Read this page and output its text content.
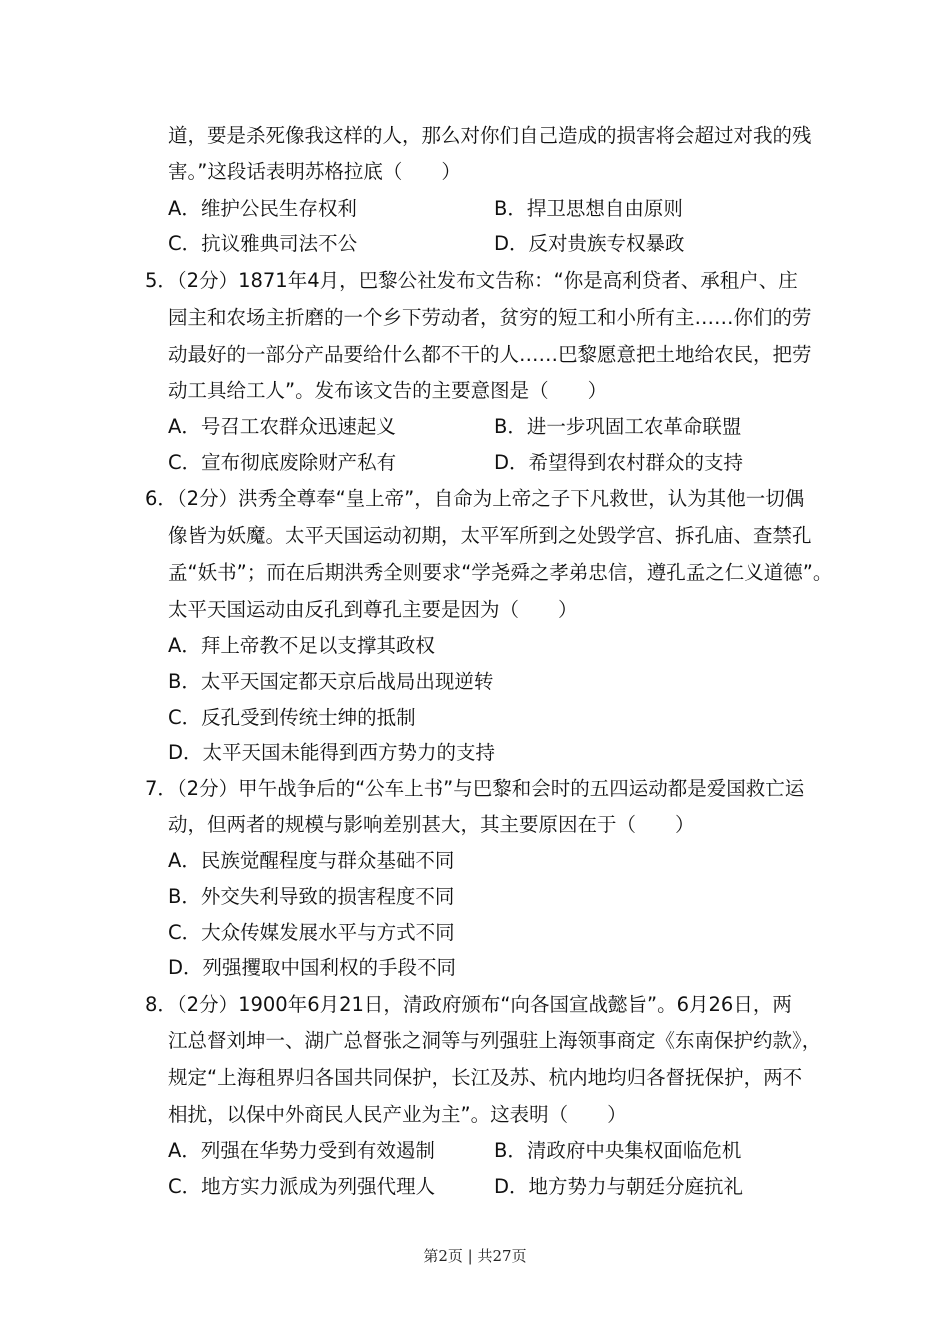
道，要是杀死像我这样的人，那么对你们自己造成的损害将会超过对我的残
害。”这段话表明苏格拉底（　　）
A．维护公民生存权利	B．捍卫思想自由原则
C．抗议雅典司法不公	D．反对贵族专权暴政
5．（2分）1871年4月，巴黎公社发布文告称：“你是高利贷者、承租户、庄
园主和农场主折磨的一个乡下劳动者，贫穷的短工和小所有主……你们的劳
动最好的一部分产品要给什么都不干的人……巴黎愿意把土地给农民，把劳
动工具给工人”。发布该文告的主要意图是（　　）
A．号召工农群众迅速起义	B．进一步巩固工农革命联盟
C．宣布彻底废除财产私有	D．希望得到农村群众的支持
6．（2分）洪秀全尊奉“皇上帝”，自命为上帝之子下凡救世，认为其他一切偶
像皆为妖魔。太平天国运动初期，太平军所到之处毁学宫、拆孔庙、查禁孔
孟“妖书”；而在后期洪秀全则要求“学尧舜之孝弟忠信，遵孔孟之仁义道德”。
太平天国运动由反孔到尊孔主要是因为（　　）
A．拜上帝教不足以支撑其政权
B．太平天国定都天京后战局出现逆转
C．反孔受到传统士绅的抵制
D．太平天国未能得到西方势力的支持
7．（2分）甲午战争后的“公车上书”与巴黎和会时的五四运动都是爱国救亡运
动，但两者的规模与影响差别甚大，其主要原因在于（　　）
A．民族觉醒程度与群众基础不同
B．外交失利导致的损害程度不同
C．大众传媒发展水平与方式不同
D．列强攫取中国利权的手段不同
8．（2分）1900年6月21日，清政府颁布“向各国宣战懿旨”。6月26日，两
江总督刘坤一、湖广总督张之洞等与列强驻上海领事商定《东南保护约款》，
规定“上海租界归各国共同保护，长江及苏、杭内地均归各督抚保护，两不
相扰，以保中外商民人民产业为主”。这表明（　　）
A．列强在华势力受到有效遏制	B．清政府中央集权面临危机
C．地方实力派成为列强代理人	D．地方势力与朝廷分庭抗礼
第2页 | 共27页
